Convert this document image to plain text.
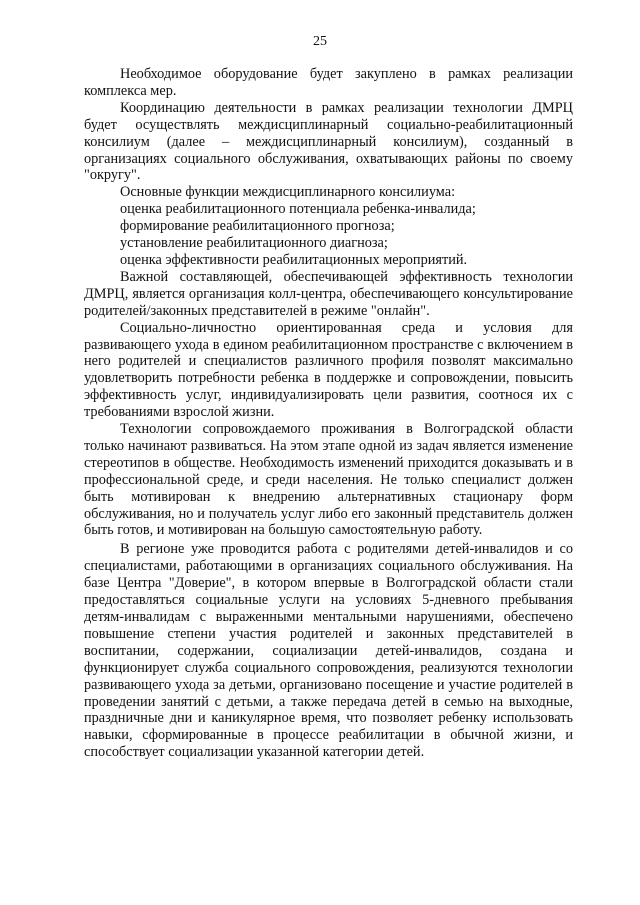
25

Необходимое оборудование будет закуплено в рамках реализации комплекса мер.

Координацию деятельности в рамках реализации технологии ДМРЦ будет осуществлять междисциплинарный социально-реабилитационный консилиум (далее – междисциплинарный консилиум), созданный в организациях социального обслуживания, охватывающих районы по своему "округу".

Основные функции междисциплинарного консилиума:

оценка реабилитационного потенциала ребенка-инвалида;

формирование реабилитационного прогноза;

установление реабилитационного диагноза;

оценка эффективности реабилитационных мероприятий.

Важной составляющей, обеспечивающей эффективность технологии ДМРЦ, является организация колл-центра, обеспечивающего консультирование родителей/законных представителей в режиме "онлайн".

Социально-личностно ориентированная среда и условия для развивающего ухода в едином реабилитационном пространстве с включением в него родителей и специалистов различного профиля позволят максимально удовлетворить потребности ребенка в поддержке и сопровождении, повысить эффективность услуг, индивидуализировать цели развития, соотнося их с требованиями взрослой жизни.

Технологии сопровождаемого проживания в Волгоградской области только начинают развиваться. На этом этапе одной из задач является изменение стереотипов в обществе. Необходимость изменений приходится доказывать и в профессиональной среде, и среди населения. Не только специалист должен быть мотивирован к внедрению альтернативных стационару форм обслуживания, но и получатель услуг либо его законный представитель должен быть готов, и мотивирован на большую самостоятельную работу.

В регионе уже проводится работа с родителями детей-инвалидов и со специалистами, работающими в организациях социального обслуживания. На базе Центра "Доверие", в котором впервые в Волгоградской области стали предоставляться социальные услуги на условиях 5-дневного пребывания детям-инвалидам с выраженными ментальными нарушениями, обеспечено повышение степени участия родителей и законных представителей в воспитании, содержании, социализации детей-инвалидов, создана и функционирует служба социального сопровождения, реализуются технологии развивающего ухода за детьми, организовано посещение и участие родителей в проведении занятий с детьми, а также передача детей в семью на выходные, праздничные дни и каникулярное время, что позволяет ребенку использовать навыки, сформированные в процессе реабилитации в обычной жизни, и способствует социализации указанной категории детей.
